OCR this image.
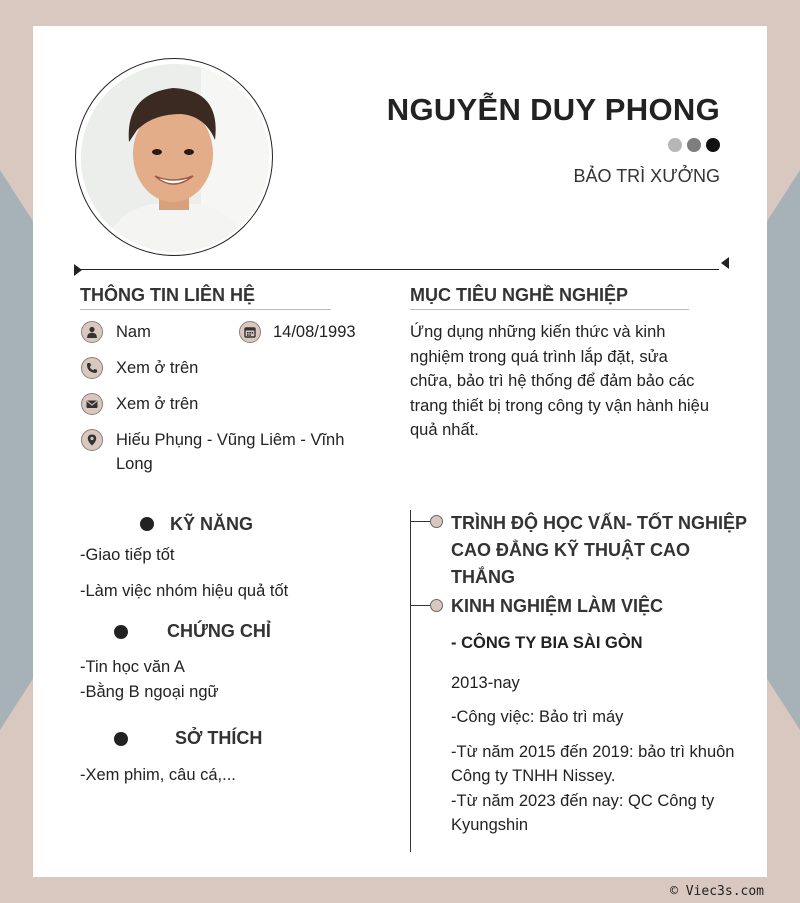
NGUYỄN DUY PHONG
BẢO TRÌ XƯỞNG
THÔNG TIN LIÊN HỆ
Nam	14/08/1993
Xem ở trên
Xem ở trên
Hiếu Phụng - Vũng Liêm - Vĩnh Long
MỤC TIÊU NGHỀ NGHIỆP
Ứng dụng những kiến thức và kinh nghiệm trong quá trình lắp đặt, sửa chữa, bảo trì hệ thống để đảm bảo các trang thiết bị trong công ty vận hành hiệu quả nhất.
KỸ NĂNG
-Giao tiếp tốt
-Làm việc nhóm hiệu quả tốt
CHỨNG CHỈ
-Tin học văn A
-Bằng B ngoại ngữ
SỞ THÍCH
-Xem phim, câu cá,...
TRÌNH ĐỘ HỌC VẤN- TỐT NGHIỆP CAO ĐẲNG KỸ THUẬT CAO THẮNG
KINH NGHIỆM LÀM VIỆC
- CÔNG TY BIA SÀI GÒN
2013-nay
-Công việc: Bảo trì máy
-Từ năm 2015 đến 2019: bảo trì khuôn Công ty TNHH Nissey.
-Từ năm 2023 đến nay: QC Công ty Kyungshin
© Viec3s.com
